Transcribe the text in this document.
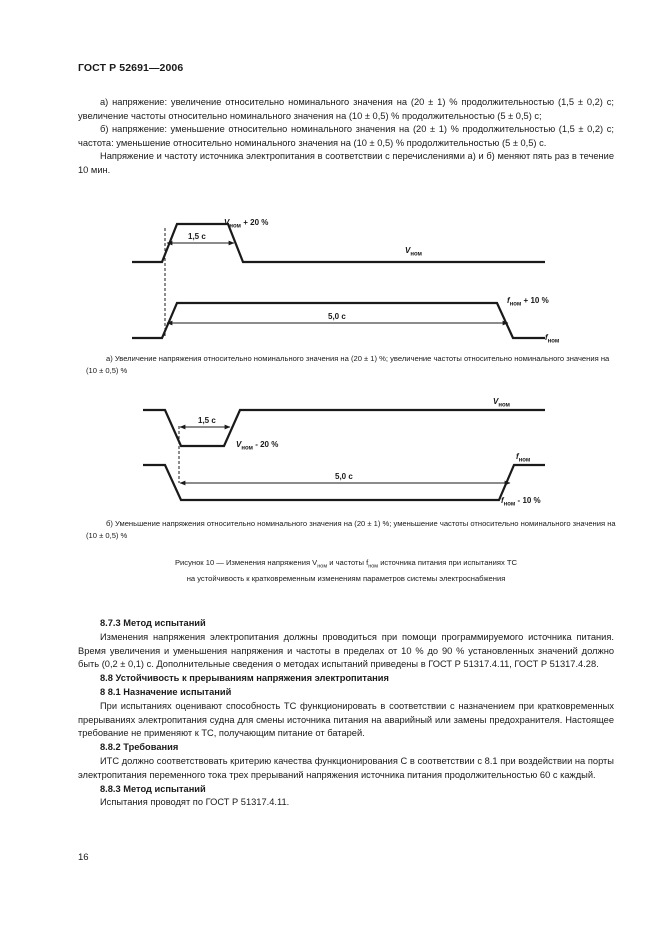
ГОСТ Р 52691—2006

а) напряжение: увеличение относительно номинального значения на (20 ± 1) % продолжительностью (1,5 ± 0,2) с; увеличение частоты относительно номинального значения на (10 ± 0,5) % продолжительностью (5 ± 0,5) с;

б) напряжение: уменьшение относительно номинального значения на (20 ± 1) % продолжительностью (1,5 ± 0,2) с; частота: уменьшение относительно номинального значения на (10 ± 0,5) % продолжительностью (5 ± 0,5) с.

Напряжение и частоту источника электропитания в соответствии с перечислениями а) и б) меняют пять раз в течение 10 мин.

1,5 с
$V_{ном} + 20$ %
$V_{ном}$
5,0 с
$f_{ном} + 10$ %
$f_{ном}$
а) Увеличение напряжения относительно номинального значения на (20 ± 1) %; увеличение частоты относительно номинального значения на (10 ± 0,5) %
$V_{ном}$
1,5 с
$V_{ном} - 20$ %
$f_{ном}$
5,0 с
$f_{ном} - 10$ %
б) Уменьшение напряжения относительно номинального значения на (20 ± 1) %; уменьшение частоты относительно номинального значения на (10 ± 0,5) %
Рисунок 10 — Изменения напряжения $V_{ном}$ и частоты $f_{ном}$ источника питания при испытаниях ТС
на устойчивость к кратковременным изменениям параметров системы электроснабжения

8.7.3 Метод испытаний

Изменения напряжения электропитания должны проводиться при помощи программируемого источника питания. Время увеличения и уменьшения напряжения и частоты в пределах от 10 % до 90 % установленных значений должно быть (0,2 ± 0,1) с. Дополнительные сведения о методах испытаний приведены в ГОСТ Р 51317.4.11, ГОСТ Р 51317.4.28.

8.8 Устойчивость к прерываниям напряжения электропитания

8 8.1 Назначение испытаний

При испытаниях оценивают способность ТС функционировать в соответствии с назначением при кратковременных прерываниях электропитания судна для смены источника питания на аварийный или замены предохранителя. Настоящее требование не применяют к ТС, получающим питание от батарей.

8.8.2 Требования

ИТС должно соответствовать критерию качества функционирования С в соответствии с 8.1 при воздействии на порты электропитания переменного тока трех прерываний напряжения источника питания продолжительностью 60 с каждый.

8.8.3 Метод испытаний

Испытания проводят по ГОСТ Р 51317.4.11.

16
